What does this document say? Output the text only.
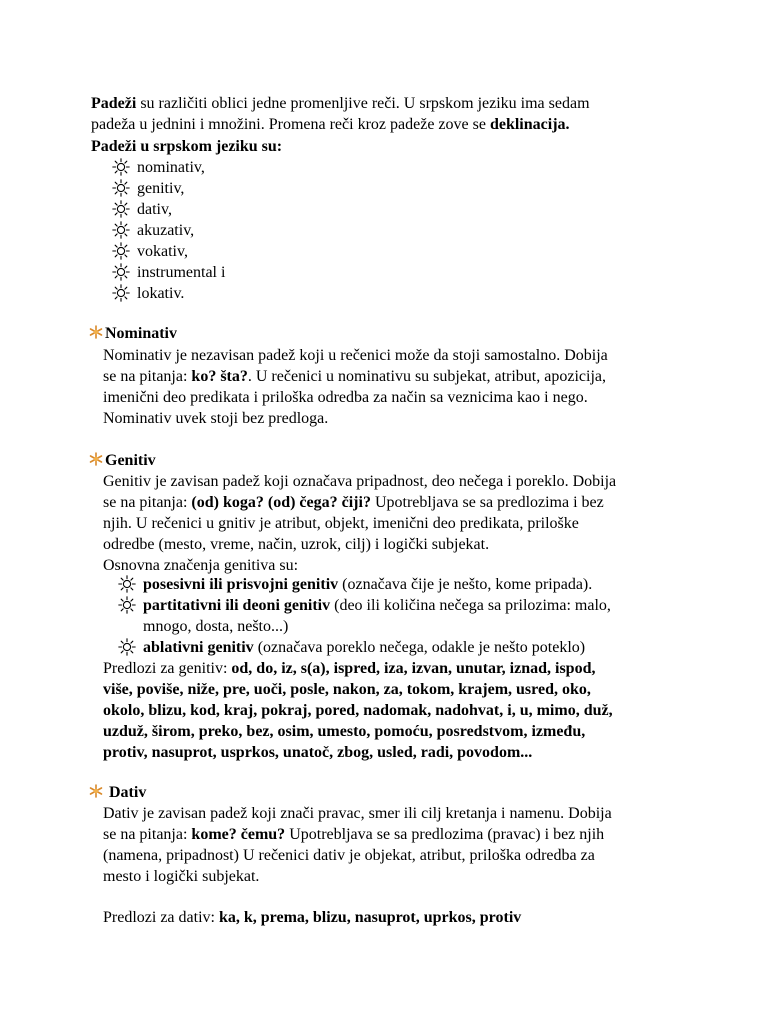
Padeži su različiti oblici jedne promenljive reči. U srpskom jeziku ima sedam
padeža u jednini i množini. Promena reči kroz padeže zove se deklinacija.
Padeži u srpskom jeziku su:
nominativ,
genitiv,
dativ,
akuzativ,
vokativ,
instrumental i
lokativ.
Nominativ
Nominativ je nezavisan padež koji u rečenici može da stoji samostalno. Dobija
se na pitanja: ko? šta?. U rečenici u nominativu su subjekat, atribut, apozicija,
imenični deo predikata i priloška odredba za način sa veznicima kao i nego.
Nominativ uvek stoji bez predloga.
Genitiv
Genitiv je zavisan padež koji označava pripadnost, deo nečega i poreklo. Dobija
se na pitanja: (od) koga? (od) čega? čiji? Upotrebljava se sa predlozima i bez
njih. U rečenici u gnitiv je atribut, objekt, imenični deo predikata, priloške
odredbe (mesto, vreme, način, uzrok, cilj) i logički subjekat.
Osnovna značenja genitiva su:
posesivni ili prisvojni genitiv (označava čije je nešto, kome pripada).
partitativni ili deoni genitiv (deo ili količina nečega sa prilozima: malo,
mnogo, dosta, nešto...)
ablativni genitiv (označava poreklo nečega, odakle je nešto poteklo)
Predlozi za genitiv: od, do, iz, s(a), ispred, iza, izvan, unutar, iznad, ispod,
više, poviše, niže, pre, uoči, posle, nakon, za, tokom, krajem, usred, oko,
okolo, blizu, kod, kraj, pokraj, pored, nadomak, nadohvat, i, u, mimo, duž,
uzduž, širom, preko, bez, osim, umesto, pomoću, posredstvom, između,
protiv, nasuprot, usprkos, unatoč, zbog, usled, radi, povodom...
Dativ
Dativ je zavisan padež koji znači pravac, smer ili cilj kretanja i namenu. Dobija
se na pitanja: kome? čemu? Upotrebljava se sa predlozima (pravac) i bez njih
(namena, pripadnost) U rečenici dativ je objekat, atribut, priloška odredba za
mesto i logički subjekat.
Predlozi za dativ: ka, k, prema, blizu, nasuprot, uprkos, protiv
